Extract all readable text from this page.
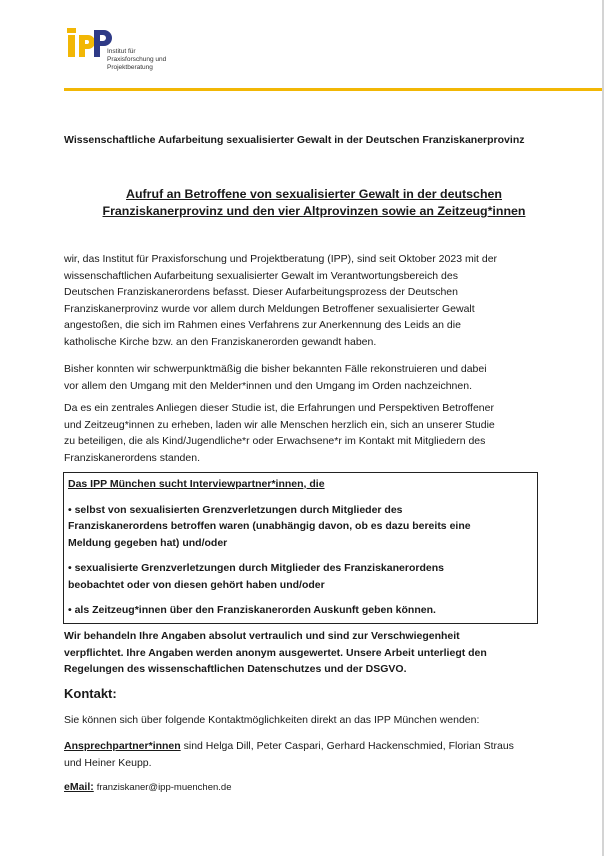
Institut für
Praxisforschung und
Projektberatung
Wissenschaftliche Aufarbeitung sexualisierter Gewalt in der Deutschen Franziskanerprovinz
Aufruf an Betroffene von sexualisierter Gewalt in der deutschen
Franziskanerprovinz und den vier Altprovinzen sowie an Zeitzeug*innen
wir, das Institut für Praxisforschung und Projektberatung (IPP), sind seit Oktober 2023 mit der
wissenschaftlichen Aufarbeitung sexualisierter Gewalt im Verantwortungsbereich des
Deutschen Franziskanerordens befasst. Dieser Aufarbeitungsprozess der Deutschen
Franziskanerprovinz wurde vor allem durch Meldungen Betroffener sexualisierter Gewalt
angestoßen, die sich im Rahmen eines Verfahrens zur Anerkennung des Leids an die
katholische Kirche bzw. an den Franziskanerorden gewandt haben.
Bisher konnten wir schwerpunktmäßig die bisher bekannten Fälle rekonstruieren und dabei
vor allem den Umgang mit den Melder*innen und den Umgang im Orden nachzeichnen.
Da es ein zentrales Anliegen dieser Studie ist, die Erfahrungen und Perspektiven Betroffener
und Zeitzeug*innen zu erheben, laden wir alle Menschen herzlich ein, sich an unserer Studie
zu beteiligen, die als Kind/Jugendliche*r oder Erwachsene*r im Kontakt mit Mitgliedern des
Franziskanerordens standen.

Das IPP München sucht Interviewpartner*innen, die

• selbst von sexualisierten Grenzverletzungen durch Mitglieder des
Franziskanerordens betroffen waren (unabhängig davon, ob es dazu bereits eine
Meldung gegeben hat) und/oder

• sexualisierte Grenzverletzungen durch Mitglieder des Franziskanerordens
beobachtet oder von diesen gehört haben und/oder

• als Zeitzeug*innen über den Franziskanerorden Auskunft geben können.

Wir behandeln Ihre Angaben absolut vertraulich und sind zur Verschwiegenheit
verpflichtet. Ihre Angaben werden anonym ausgewertet. Unsere Arbeit unterliegt den
Regelungen des wissenschaftlichen Datenschutzes und der DSGVO.
Kontakt:
Sie können sich über folgende Kontaktmöglichkeiten direkt an das IPP München wenden:
Ansprechpartner*innen sind Helga Dill, Peter Caspari, Gerhard Hackenschmied, Florian Straus
und Heiner Keupp.
eMail: franziskaner@ipp-muenchen.de
